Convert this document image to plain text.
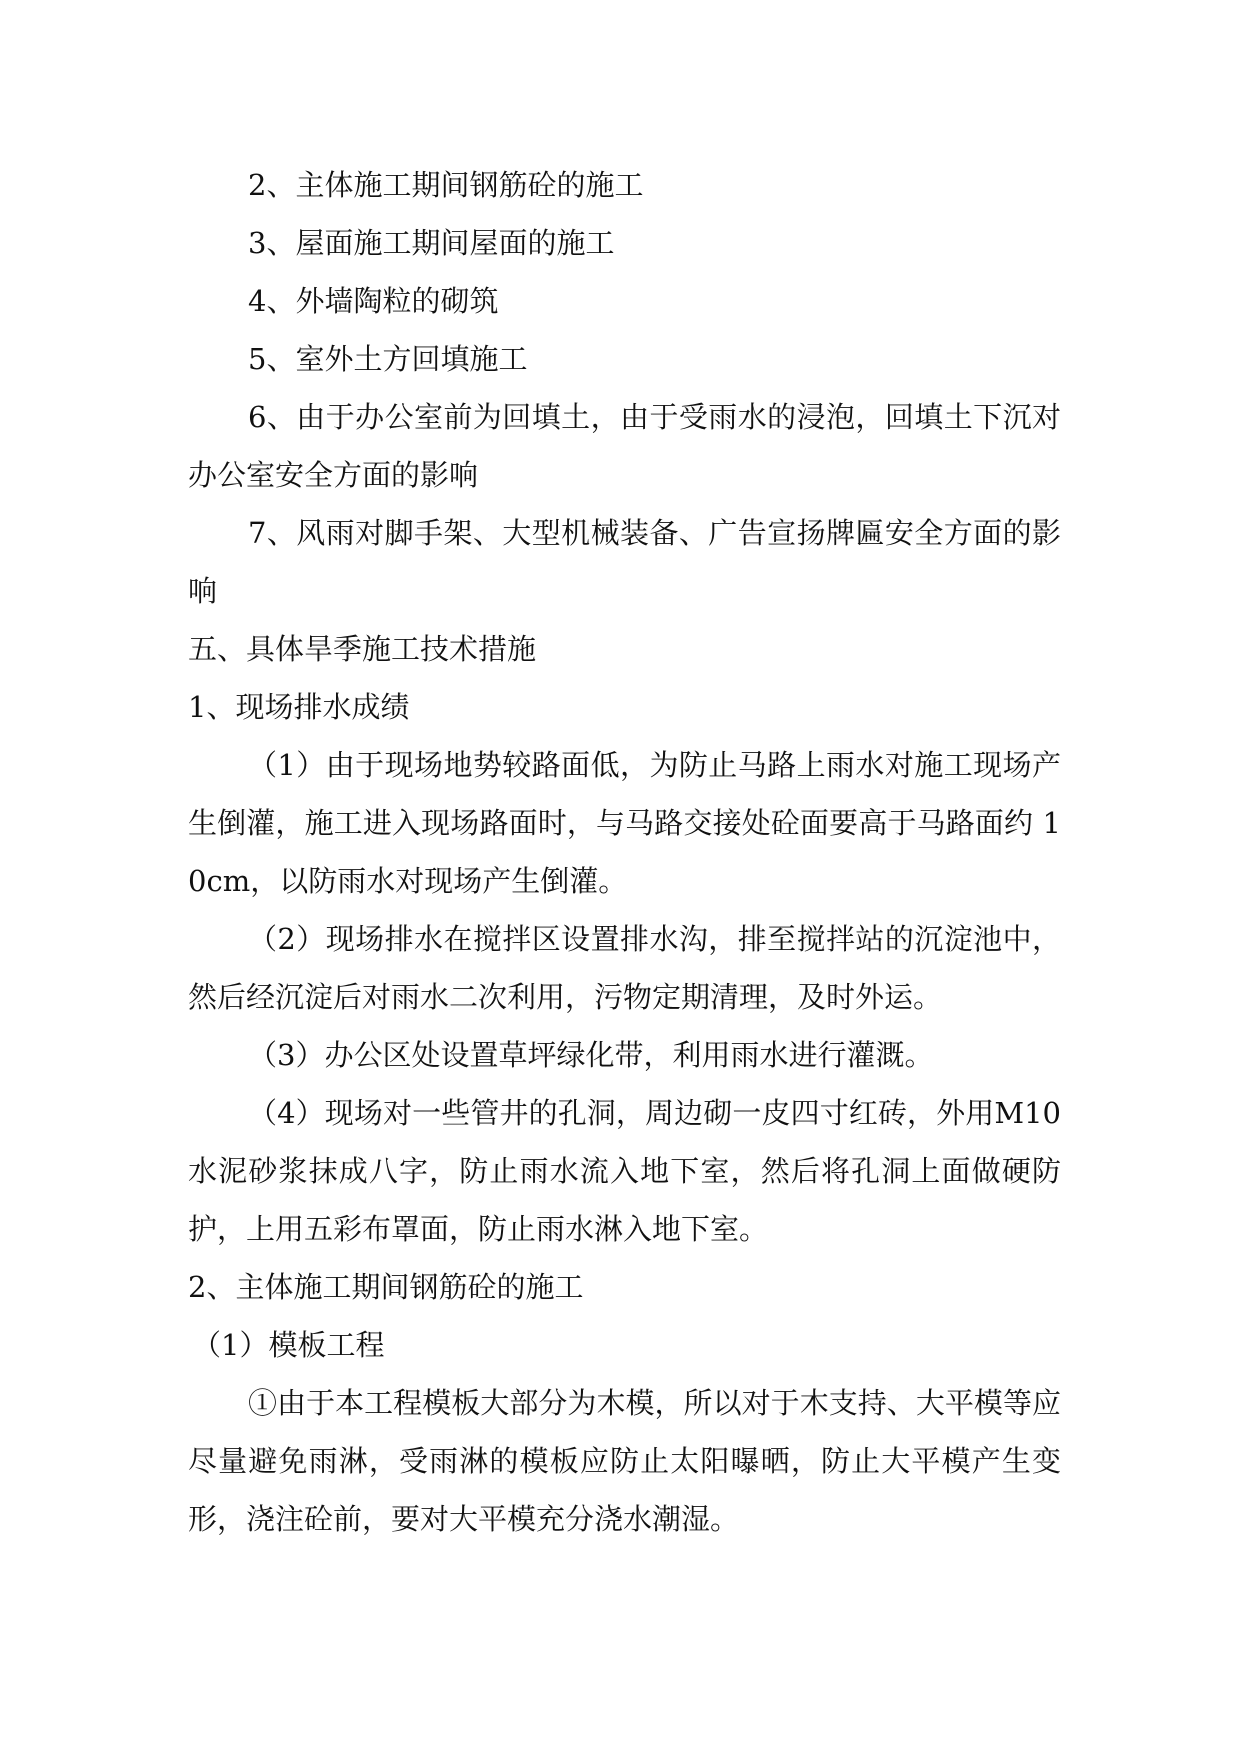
2、主体施工期间钢筋砼的施工

3、屋面施工期间屋面的施工

4、外墙陶粒的砌筑

5、室外土方回填施工

6、由于办公室前为回填土，由于受雨水的浸泡，回填土下沉对办公室安全方面的影响

7、风雨对脚手架、大型机械装备、广告宣扬牌匾安全方面的影响

五、具体旱季施工技术措施

1、现场排水成绩

（1）由于现场地势较路面低，为防止马路上雨水对施工现场产生倒灌，施工进入现场路面时，与马路交接处砼面要高于马路面约 10cm，以防雨水对现场产生倒灌。

（2）现场排水在搅拌区设置排水沟，排至搅拌站的沉淀池中，然后经沉淀后对雨水二次利用，污物定期清理，及时外运。

（3）办公区处设置草坪绿化带，利用雨水进行灌溉。

（4）现场对一些管井的孔洞，周边砌一皮四寸红砖，外用M10 水泥砂浆抹成八字，防止雨水流入地下室，然后将孔洞上面做硬防护，上用五彩布罩面，防止雨水淋入地下室。

2、主体施工期间钢筋砼的施工

（1）模板工程

①由于本工程模板大部分为木模，所以对于木支持、大平模等应尽量避免雨淋，受雨淋的模板应防止太阳曝晒，防止大平模产生变形，浇注砼前，要对大平模充分浇水潮湿。
